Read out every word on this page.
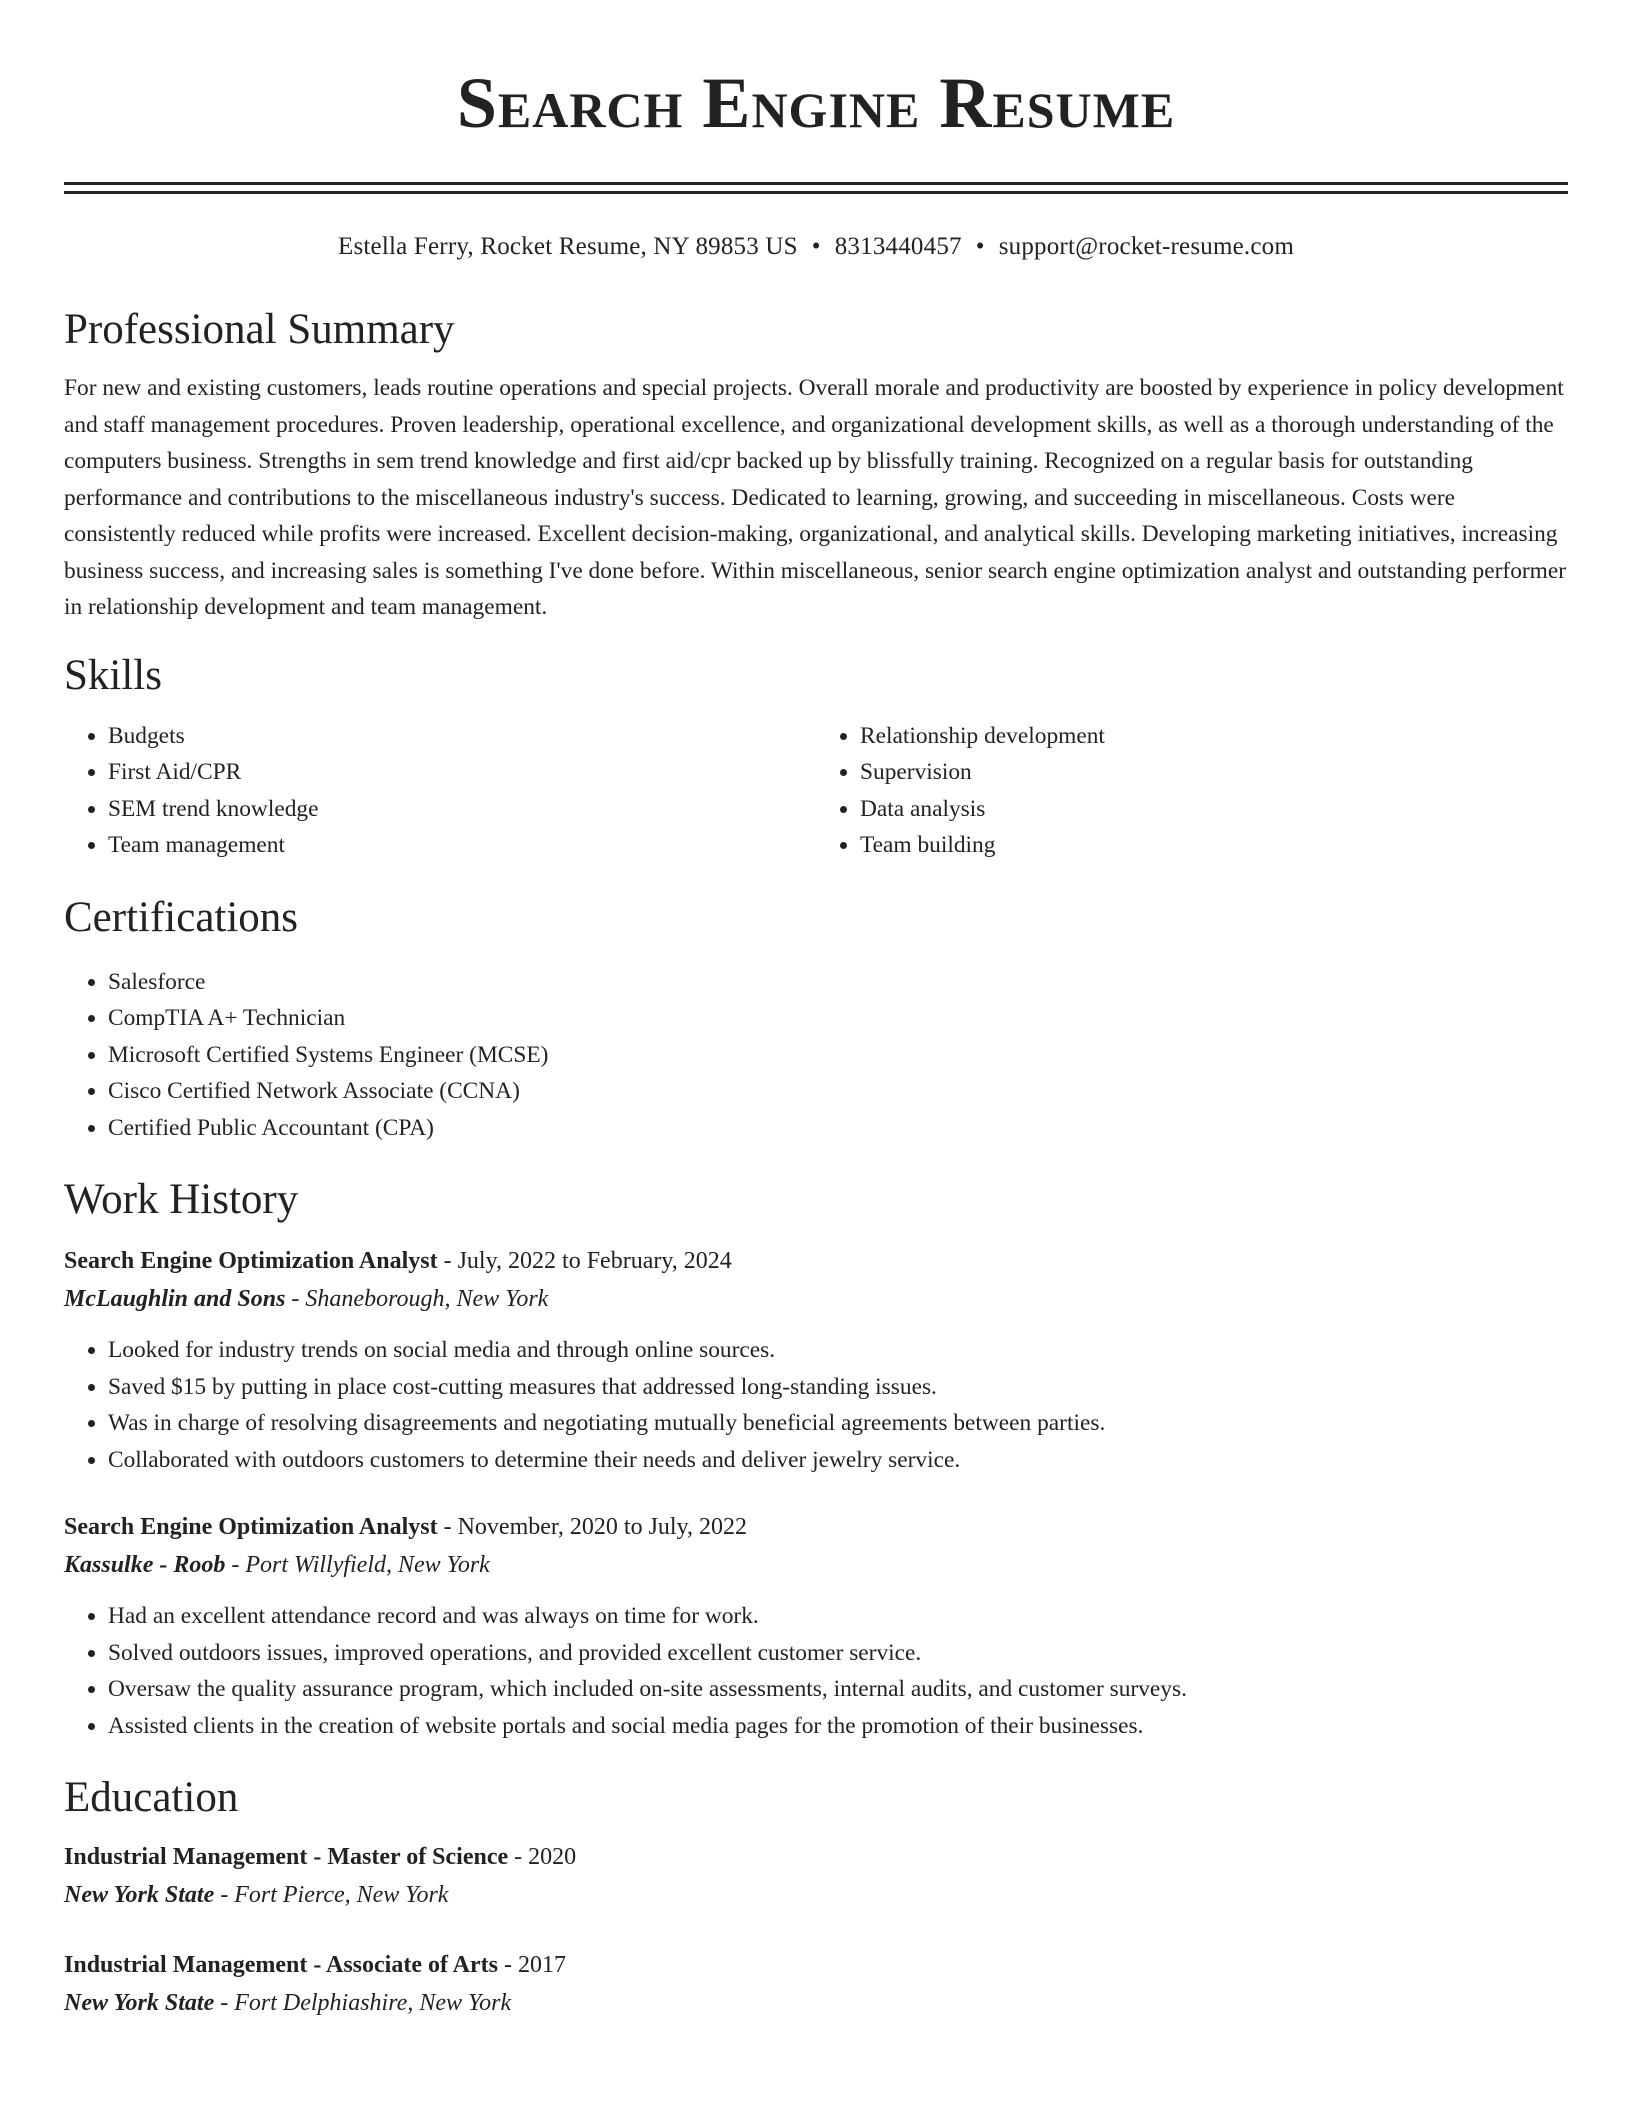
Search Engine Resume
Estella Ferry, Rocket Resume, NY 89853 US • 8313440457 • support@rocket-resume.com
Professional Summary

For new and existing customers, leads routine operations and special projects. Overall morale and productivity are boosted by experience in policy development and staff management procedures. Proven leadership, operational excellence, and organizational development skills, as well as a thorough understanding of the computers business. Strengths in sem trend knowledge and first aid/cpr backed up by blissfully training. Recognized on a regular basis for outstanding performance and contributions to the miscellaneous industry's success. Dedicated to learning, growing, and succeeding in miscellaneous. Costs were consistently reduced while profits were increased. Excellent decision-making, organizational, and analytical skills. Developing marketing initiatives, increasing business success, and increasing sales is something I've done before. Within miscellaneous, senior search engine optimization analyst and outstanding performer in relationship development and team management.

Skills
• Budgets
• First Aid/CPR
• SEM trend knowledge
• Team management
• Relationship development
• Supervision
• Data analysis
• Team building
Certifications
• Salesforce
• CompTIA A+ Technician
• Microsoft Certified Systems Engineer (MCSE)
• Cisco Certified Network Associate (CCNA)
• Certified Public Accountant (CPA)
Work History
Search Engine Optimization Analyst - July, 2022 to February, 2024
McLaughlin and Sons - Shaneborough, New York
• Looked for industry trends on social media and through online sources.
• Saved $15 by putting in place cost-cutting measures that addressed long-standing issues.
• Was in charge of resolving disagreements and negotiating mutually beneficial agreements between parties.
• Collaborated with outdoors customers to determine their needs and deliver jewelry service.
Search Engine Optimization Analyst - November, 2020 to July, 2022
Kassulke - Roob - Port Willyfield, New York
• Had an excellent attendance record and was always on time for work.
• Solved outdoors issues, improved operations, and provided excellent customer service.
• Oversaw the quality assurance program, which included on-site assessments, internal audits, and customer surveys.
• Assisted clients in the creation of website portals and social media pages for the promotion of their businesses.
Education
Industrial Management - Master of Science - 2020
New York State - Fort Pierce, New York
Industrial Management - Associate of Arts - 2017
New York State - Fort Delphiashire, New York
